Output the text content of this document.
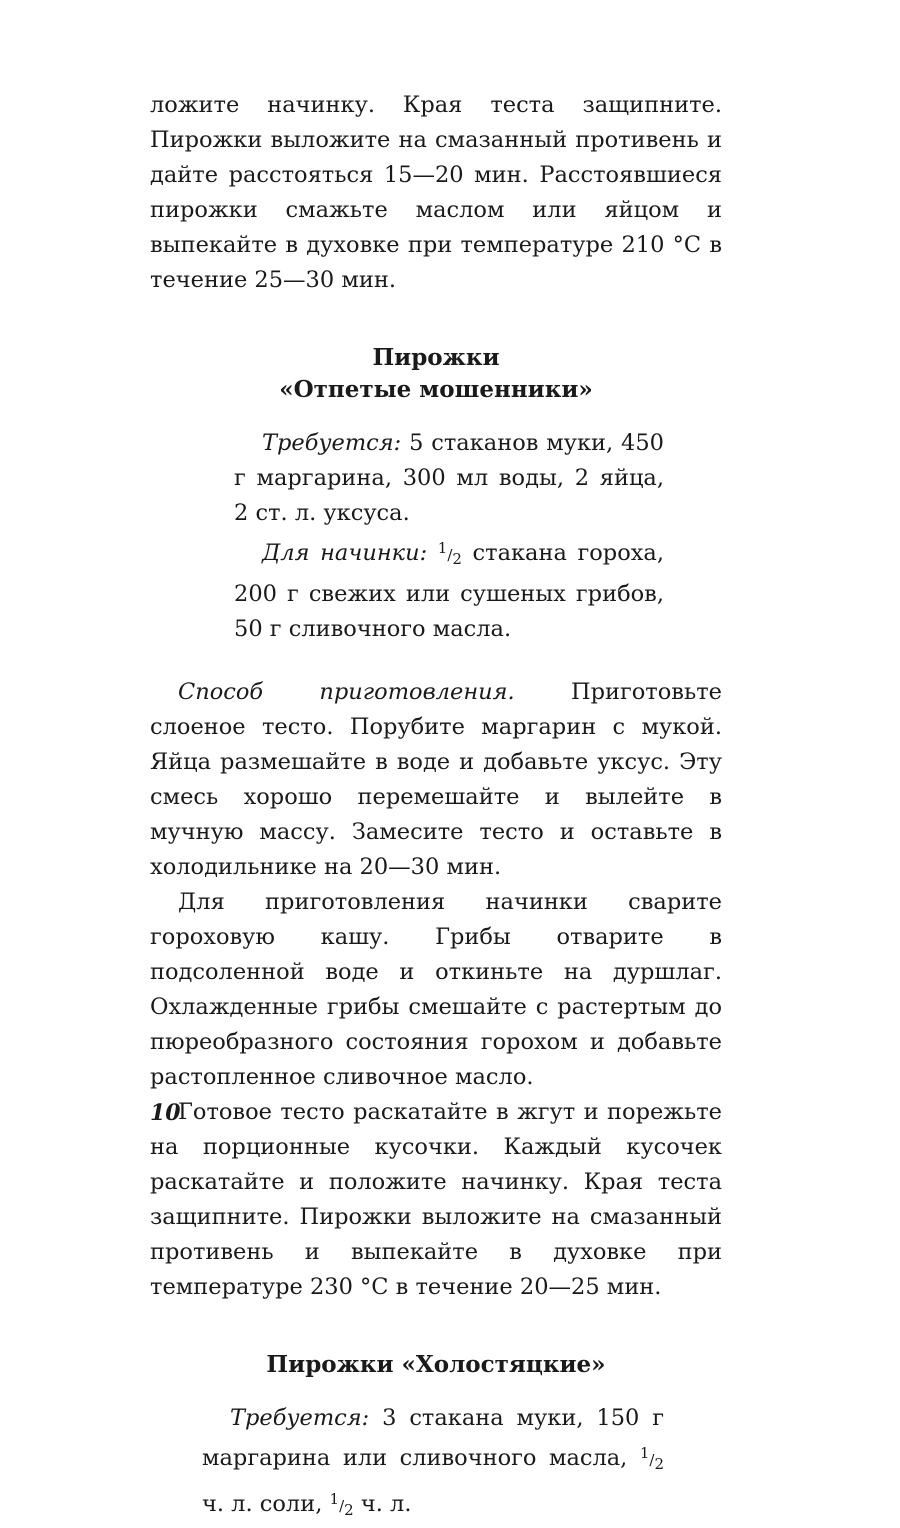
ложите начинку. Края теста защипните. Пирожки выложите на смазанный противень и дайте расстояться 15—20 мин. Расстоявшиеся пирожки смажьте маслом или яйцом и выпекайте в духовке при температуре 210 °C в течение 25—30 мин.

Пирожки
«Отпетые мошенники»

Требуется: 5 стаканов муки, 450 г маргарина, 300 мл воды, 2 яйца, 2 ст. л. уксуса.

Для начинки: 1/2 стакана гороха, 200 г свежих или сушеных грибов, 50 г сливочного масла.

Способ приготовления. Приготовьте слоеное тесто. Порубите маргарин с мукой. Яйца размешайте в воде и добавьте уксус. Эту смесь хорошо перемешайте и вылейте в мучную массу. Замесите тесто и оставьте в холодильнике на 20—30 мин.

Для приготовления начинки сварите гороховую кашу. Грибы отварите в подсоленной воде и откиньте на дуршлаг. Охлажденные грибы смешайте с растертым до пюреобразного состояния горохом и добавьте растопленное сливочное масло.

Готовое тесто раскатайте в жгут и порежьте на порционные кусочки. Каждый кусочек раскатайте и положите начинку. Края теста защипните. Пирожки выложите на смазанный противень и выпекайте в духовке при температуре 230 °C в течение 20—25 мин.

Пирожки «Холостяцкие»

Требуется: 3 стакана муки, 150 г маргарина или сливочного масла, 1/2 ч. л. соли, 1/2 ч. л.

10
